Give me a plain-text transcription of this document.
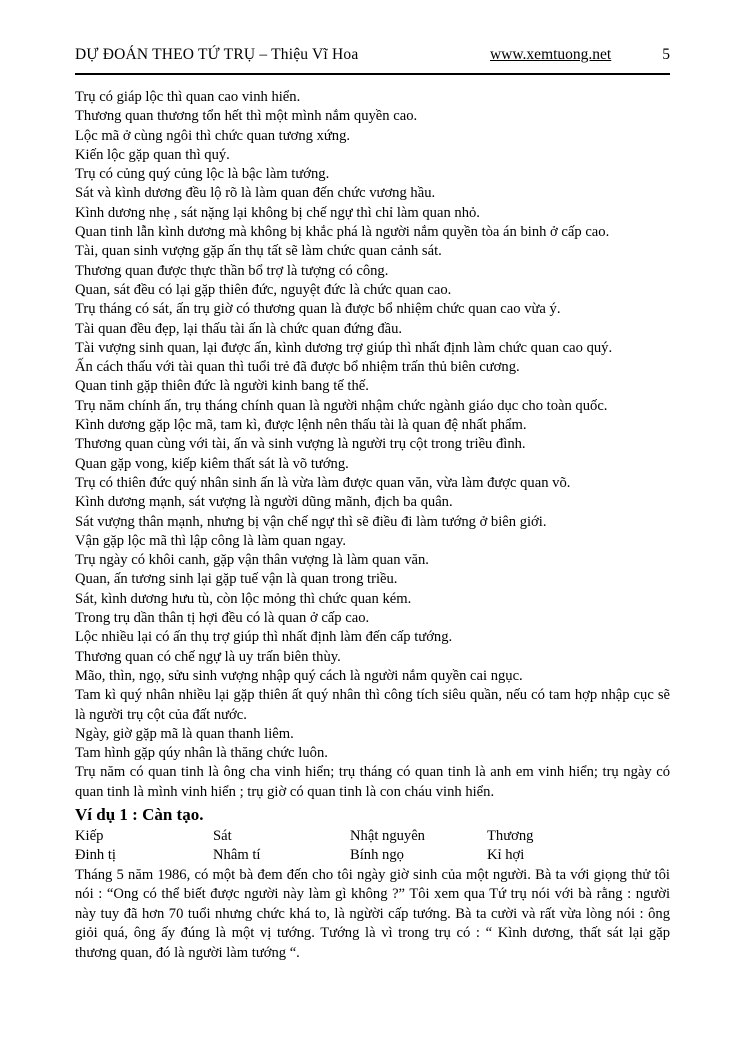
DỰ ĐOÁN THEO TỨ TRỤ – Thiệu Vĩ Hoa	www.xemtuong.net	5

Trụ có giáp lộc thì quan cao vinh hiển.

Thương quan thương tổn hết thì một mình nắm quyền cao.

Lộc mã ở cùng ngôi thì chức quan tương xứng.

Kiến lộc gặp quan thì quý.

Trụ có củng quý củng lộc là bậc làm tướng.

Sát và kình dương đều lộ rõ là làm quan đến chức vương hầu.

Kình dương nhẹ , sát nặng lại không bị chế ngự thì chỉ làm quan nhỏ.

Quan tinh lẫn kình dương mà không bị khắc phá là người nắm quyền tòa án binh ở cấp cao.

Tài, quan sinh vượng gặp ấn thụ tất sẽ làm chức quan cảnh sát.

Thương quan được thực thần bổ trợ là tượng có công.

Quan, sát đều có lại gặp thiên đức, nguyệt đức là chức quan cao.

Trụ tháng có sát, ấn trụ giờ có thương quan là được bổ nhiệm chức quan cao vừa ý.

Tài quan đều đẹp, lại thấu tài ấn là chức quan đứng đầu.

Tài vượng sinh quan, lại được ấn, kình dương trợ giúp thì nhất định làm chức quan cao quý.

Ấn cách thấu với tài quan thì tuổi trẻ đã được bổ nhiệm trấn thủ biên cương.

Quan tinh gặp thiên đức là người kinh bang tế thế.

Trụ năm chính ấn, trụ tháng chính quan là người nhậm chức ngành giáo dục cho toàn quốc.

Kình dương gặp lộc mã, tam kì, được lệnh nên thấu tài là quan đệ nhất phẩm.

Thương quan cùng với tài, ấn và sinh vượng là người trụ cột trong triều đình.

Quan gặp vong, kiếp kiêm thất sát là võ tướng.

Trụ có thiên đức quý nhân sinh ấn là vừa làm được quan văn, vừa làm được quan võ.

Kình dương mạnh, sát vượng là người dũng mãnh, địch ba quân.

Sát vượng thân mạnh, nhưng bị vận chế ngự thì sẽ điều đi làm tướng ở biên giới.

Vận gặp lộc mã thì lập công là làm quan ngay.

Trụ ngày có khôi canh, gặp vận thân vượng là làm quan văn.

Quan, ấn tương sinh lại gặp tuế vận là quan trong triều.

Sát, kình dương hưu tù, còn lộc mỏng thì chức quan kém.

Trong trụ dần thân tị hợi đều có là quan ở cấp cao.

Lộc nhiều lại có ấn thụ trợ giúp thì nhất định làm đến cấp tướng.

Thương quan có chế ngự là uy trấn biên thùy.

Mão, thìn, ngọ, sửu sinh vượng nhập quý cách là người nắm quyền cai ngục.

Tam kì quý nhân nhiều lại gặp thiên ất quý nhân thì công tích siêu quần, nếu có tam hợp nhập cục sẽ là người trụ cột của đất nước.

Ngày, giờ gặp mã là quan thanh liêm.

Tam hình gặp qúy nhân là thăng chức luôn.

Trụ năm có quan tinh là ông cha vinh hiển; trụ tháng có quan tinh là anh em vinh hiển; trụ ngày có quan tinh là mình vinh hiển ; trụ giờ có quan tinh là con cháu vinh hiển.

Ví dụ 1 : Càn tạo.
Kiếp	Sát	Nhật nguyên	Thương
Đinh tị	Nhâm tí	Bính ngọ	Kỉ hợi

Tháng 5 năm 1986, có một bà đem đến cho tôi ngày giờ sinh của một người. Bà ta với giọng thử tôi nói : “Ong có thể biết được người này làm gì không ?” Tôi xem qua Tứ trụ nói với bà rằng : người này tuy đã hơn 70 tuổi nhưng chức khá to, là ngừời cấp tướng. Bà ta cười và rất vừa lòng nói : ông giỏi quá, ông ấy đúng là một vị tướng. Tướng là vì trong trụ có : “ Kình dương, thất sát lại gặp thương quan, đó là người làm tướng “.
